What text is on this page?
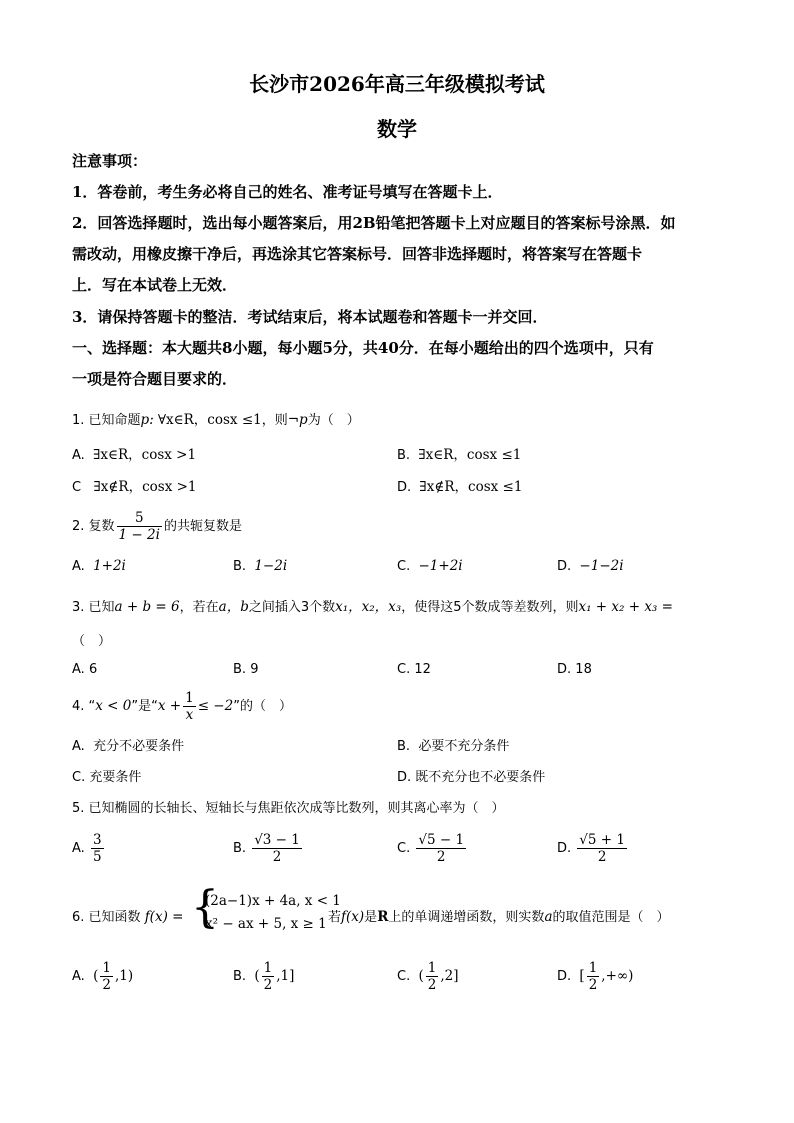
长沙市2026年高三年级模拟考试
数学
注意事项：
1．答卷前，考生务必将自己的姓名、准考证号填写在答题卡上．
2．回答选择题时，选出每小题答案后，用2B铅笔把答题卡上对应题目的答案标号涂黑．如
需改动，用橡皮擦干净后，再选涂其它答案标号．回答非选择题时，将答案写在答题卡
上．写在本试卷上无效．
3．请保持答题卡的整洁．考试结束后，将本试题卷和答题卡一并交回．
一、选择题：本大题共8小题，每小题5分，共40分．在每小题给出的四个选项中，只有
一项是符合题目要求的．
1. 已知命题p: ∀x∈R，cosx ≤1，则¬p为（　）
A. ∃x∈R，cosx >1	B. ∃x∈R，cosx ≤1
C ∃x∉R，cosx >1	D. ∃x∉R，cosx ≤1
2. 复数 $\frac{5}{1 - 2i}$ 的共轭复数是
A. 1+2i	B. 1−2i	C. −1+2i	D. −1−2i
3. 已知a + b = 6，若在a，b之间插入3个数x₁，x₂，x₃，使得这5个数成等差数列，则x₁ + x₂ + x₃ =
（　）
A. 6	B. 9	C. 12	D. 18
4. “x < 0”是“$x + \frac{1}{x} \le -2$”的（　）
A. 充分不必要条件	B. 必要不充分条件
C. 充要条件	D. 既不充分也不必要条件
5. 已知椭圆的长轴长、短轴长与焦距依次成等比数列，则其离心率为（　）
A. $\frac{3}{5}$	B. $\frac{√3 - 1}{2}$	C. $\frac{√5 - 1}{2}$	D. $\frac{√5 + 1}{2}$
6. 已知函数 f(x) = {
(2a−1)x + 4a, x < 1
x² − ax + 5, x ≥ 1 若f(x)是R上的单调递增函数，则实数a的取值范围是（　）
A. ( $\frac{1}{2} ,1$)	B. ( $\frac{1}{2} ,1$]	C. ( $\frac{1}{2} ,2$]	D. [ $\frac{1}{2}$ ,+∞)
